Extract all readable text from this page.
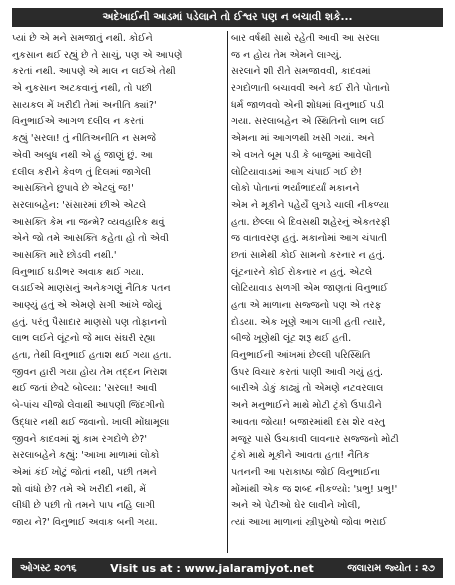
અદેખાઈની આડમાં પડેલાને તો ઈશ્વર પણ ન બચાવી શકે...
પ્યાં છે એ મને સમજાતું નથી. કોઈને
નુકસાન થઈ રહ્યું છે તે સાચું, પણ એ આપણે
કરતાં નથી. આપણે એ માલ ન લઈએ તેથી
એ નુકસાન અટકવાનું નથી, તો પછી
સાયકલ મેં ખરીદી તેમાં અનીતિ ક્યાં?'
વિનુભાઈએ આગળ દલીલ ન કરતાં
કહ્યું 'સરલા! તું નીતિઅનીતિ ન સમજે
એવી અબુધ નથી એ હું જાણું છું. આ
દલીલ કરીને કેવળ તું દિલમાં જાગેલી
આસક્તિને છુપાવે છે એટલું જ!'
સરલાબહેન: 'સંસારમાં છીએ એટલે
આસક્તિ કેમ ના જન્મે? વ્યવહારિક થવું
એને જો તમે આસક્તિ કહેતા હો તો એવી
આસક્તિ મારે છોડવી નથી.'
વિનુભાઈ ઘડીભર અવાક થઈ ગયા.
લડાઈએ માણસનું અનેકગણું નૈતિક પતન
આણ્યું હતું એ એમણે સગી આંખે જોયું
હતું. પરંતુ પૈસાદાર માણસો પણ તોફાનનો
લાભ લઈને લૂંટનો જે માલ સંઘરી રહ્યા
હતા, તેથી વિનુભાઈ હતાશ થઈ ગયા હતા.
જીવન હારી ગયા હોય તેમ તદ્દન નિરાશ
થઈ જતાં છેવટે બોલ્યા: 'સરલા! આવી
બે-પાંચ ચીજો લેવાથી આપણી જિંદગીનો
ઉદ્ધાર નથી થઈ જવાનો. ખાલી મોંઘામૂલા
જીવને કાદવમાં શું કામ રગદોળે છે?'
સરલાબહેને કહ્યું: 'આખા માળામાં લોકો
એમાં કંઈ ખોટું જોતાં નથી, પછી તમને
શો વાંધો છે? તમે એ ખરીદી નથી, મેં
લીધી છે પછી તો તમને પાપ નહિ લાગી
જાય ને?' વિનુભાઈ અવાક બની ગયા.
બાર વર્ષથી સાથે રહેતી આવી આ સરલા
જ ન હોય તેમ એમને લાગ્યું.
સરલાને શી રીતે સમજાવવી, કાદવમાં
રગદોળાતી બચાવવી અને કઈ રીતે પોતાનો
ધર્મ જાળવવો એની શોધમાં વિનુભાઈ પડી
ગયા. સરલાબહેન એ સ્થિતિનો લાભ લઈ
એમના માં આગળથી ખસી ગયાં. અને
એ વખતે બૂમ પડી કે બાજુમાં આવેલી
લોટિયાવાડમાં આગ ચંપાઈ ગઈ છે!
લોકો પોતાનાં ભર્યાભાદર્યાં મકાનને
એમ ને મૂકીને પહેર્યે લુગડે ચાલી નીકળ્યા
હતા. છેલ્લા બે દિવસથી શહેરનું એકતરફી
જ વાતાવરણ હતું. મકાનોમાં આગ ચંપાતી
છતાં સામેથી કોઈ સામનો કરનાર ન હતું.
લૂંટનારને કોઈ રોકનાર ન હતું. એટલે
લોટિયાવાડ સળગી એમ જાણતાં વિનુભાઈ
હતા એ માળાના સજ્જનો પણ એ તરફ
દોડયા. એક ખૂણે આગ લાગી હતી ત્યારે,
બીજે ખૂણેથી લૂંટ શરૂ થઈ હતી.
વિનુભાઈની આંખમાં છેલ્લી પરિસ્થિતિ
ઉપર વિચાર કરતાં પાણી આવી ગયું હતું.
બારીએ ડોકું કાઢ્યું તો એમણે નટવરલાલ
અને મનુભાઈને માથે મોટી ટ્રંકો ઉપાડીને
આવતા જોયા! બજારમાંથી દસ શેર વસ્તુ
મજૂર પાસે ઉચકાવી લાવનાર સજ્જનો મોટી
ટ્રંકો માથે મૂકીને આવતા હતા! નૈતિક
પતનની આ પરાકાષ્ઠા જોઈ વિનુભાઈના
મોંમાંથી એક જ શબ્દ નીકળ્યો: 'પ્રભુ! પ્રભુ!'
અને એ પેટીઓ ઘેર લાવીને ખોલી,
ત્યાં આખા માળાનાં સ્ત્રીપુરુષો જોવા ભરાઈ
ઓગસ્ટ ૨૦૧૬	Visit us at : www.jalaramjyot.net	જલારામ જ્યોત : ૨૭
